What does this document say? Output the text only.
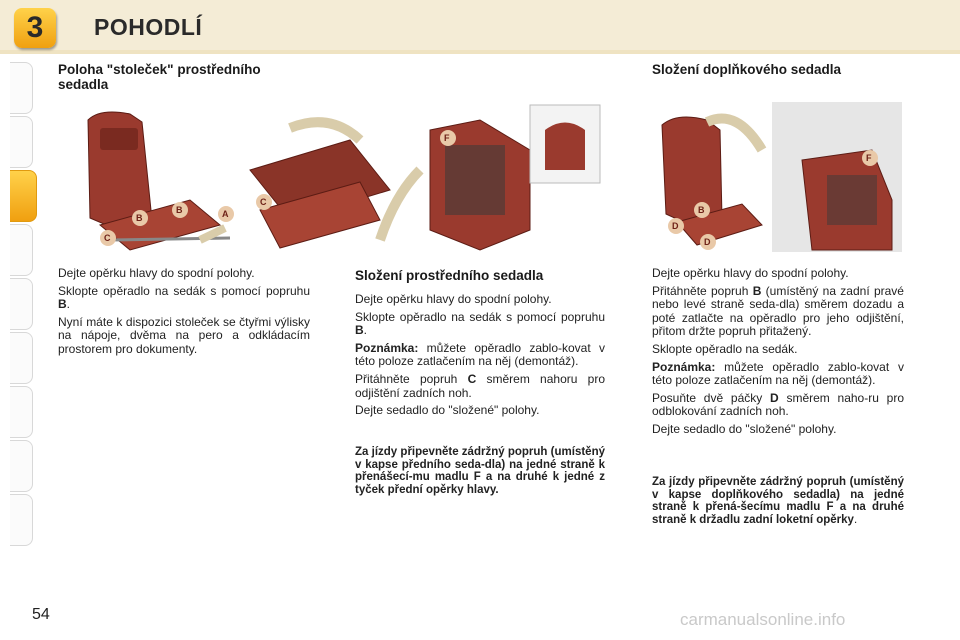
3	POHODLÍ
Poloha "stoleček" prostředního sedadla
Složení doplňkového sedadla
B
B	A
C
C
F
B
D
D
F

Dejte opěrku hlavy do spodní polohy.

Sklopte opěradlo na sedák s pomocí popruhu B.

Nyní máte k dispozici stoleček se čtyřmi výlisky na nápoje, dvěma na pero a odkládacím prostorem pro dokumenty.

Složení prostředního sedadla

Dejte opěrku hlavy do spodní polohy.

Sklopte opěradlo na sedák s pomocí popruhu B.

Poznámka: můžete opěradlo zablo-kovat v této poloze zatlačením na něj (demontáž).

Přitáhněte popruh C směrem nahoru pro odjištění zadních noh.

Dejte sedadlo do "složené" polohy.

Za jízdy připevněte zádržný popruh (umístěný v kapse předního seda-dla) na jedné straně k přenášecí-mu madlu F a na druhé k jedné z tyček přední opěrky hlavy.

Dejte opěrku hlavy do spodní polohy.

Přitáhněte popruh B (umístěný na zadní pravé nebo levé straně seda-dla) směrem dozadu a poté zatlačte na opěradlo pro jeho odjištění, přitom držte popruh přitažený.

Sklopte opěradlo na sedák.

Poznámka: můžete opěradlo zablo-kovat v této poloze zatlačením na něj (demontáž).

Posuňte dvě páčky D směrem naho-ru pro odblokování zadních noh.

Dejte sedadlo do "složené" polohy.

Za jízdy připevněte zádržný popruh (umístěný v kapse doplňkového sedadla) na jedné straně k přená-šecímu madlu F a na druhé straně k držadlu zadní loketní opěrky.
54	carmanualsonline.info
